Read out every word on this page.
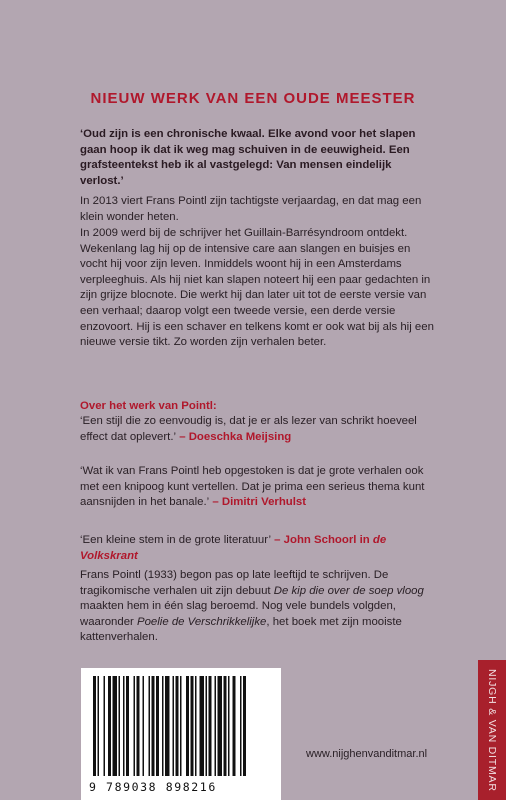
NIEUW WERK VAN EEN OUDE MEESTER

‘Oud zijn is een chronische kwaal. Elke avond voor het slapen gaan hoop ik dat ik weg mag schuiven in de eeuwigheid. Een grafsteentekst heb ik al vastgelegd: Van mensen eindelijk verlost.’

In 2013 viert Frans Pointl zijn tachtigste verjaardag, en dat mag een klein wonder heten.

In 2009 werd bij de schrijver het Guillain-Barrésyndroom ontdekt. Wekenlang lag hij op de intensive care aan slangen en buisjes en vocht hij voor zijn leven. Inmiddels woont hij in een Amsterdams verpleeghuis. Als hij niet kan slapen noteert hij een paar gedachten in zijn grijze blocnote. Die werkt hij dan later uit tot de eerste versie van een verhaal; daarop volgt een tweede versie, een derde versie enzovoort. Hij is een schaver en telkens komt er ook wat bij als hij een nieuwe versie tikt. Zo worden zijn verhalen beter.

Over het werk van Pointl:

‘Een stijl die zo eenvoudig is, dat je er als lezer van schrikt hoeveel effect dat oplevert.’ – Doeschka Meijsing

‘Wat ik van Frans Pointl heb opgestoken is dat je grote verhalen ook met een knipoog kunt vertellen. Dat je prima een serieus thema kunt aansnijden in het banale.’ – Dimitri Verhulst

‘Een kleine stem in de grote literatuur’ – John Schoorl in de Volkskrant

Frans Pointl (1933) begon pas op late leeftijd te schrijven. De tragikomische verhalen uit zijn debuut De kip die over de soep vloog maakten hem in één slag beroemd. Nog vele bundels volgden, waaronder Poelie de Verschrikkelijke, het boek met zijn mooiste kattenverhalen.

9 789038 898216
www.nijghenvanditmar.nl	NIJGH & VAN DITMAR
